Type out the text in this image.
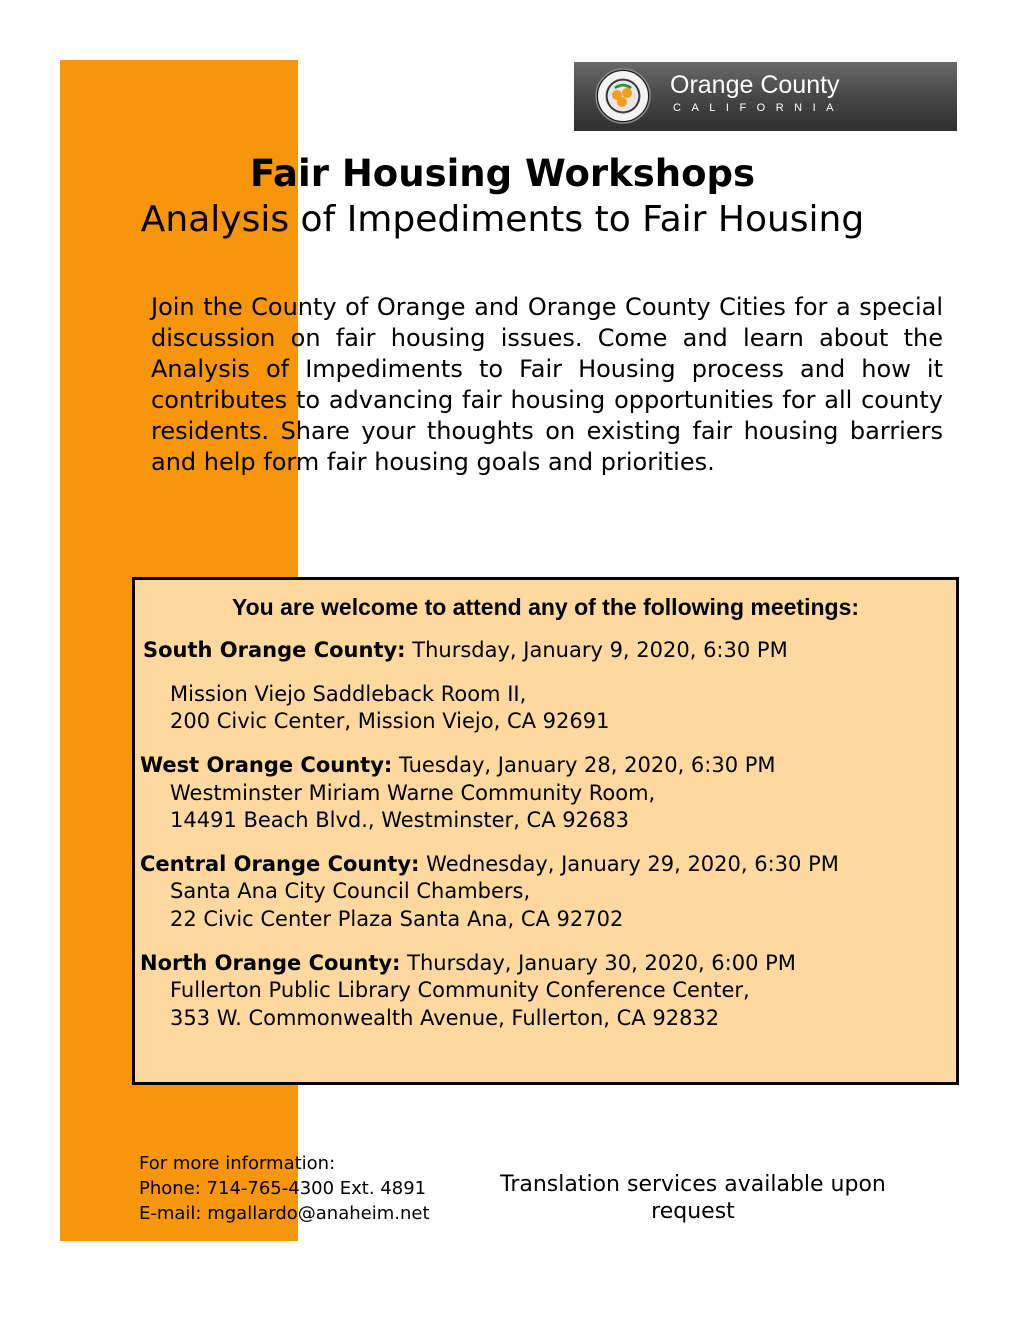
Orange County
CALIFORNIA
Fair Housing Workshops
Analysis of Impediments to Fair Housing

Join the County of Orange and Orange County Cities for a special discussion on fair housing issues. Come and learn about the Analysis of Impediments to Fair Housing process and how it contributes to advancing fair housing opportunities for all county residents. Share your thoughts on existing fair housing barriers and help form fair housing goals and priorities.

You are welcome to attend any of the following meetings:
South Orange County: Thursday, January 9, 2020, 6:30 PM
Mission Viejo Saddleback Room II,
200 Civic Center, Mission Viejo, CA 92691
West Orange County: Tuesday, January 28, 2020, 6:30 PM
Westminster Miriam Warne Community Room,
14491 Beach Blvd., Westminster, CA 92683
Central Orange County: Wednesday, January 29, 2020, 6:30 PM
Santa Ana City Council Chambers,
22 Civic Center Plaza Santa Ana, CA 92702
North Orange County: Thursday, January 30, 2020, 6:00 PM
Fullerton Public Library Community Conference Center,
353 W. Commonwealth Avenue, Fullerton, CA 92832
For more information:
Phone: 714-765-4300 Ext. 4891
E-mail: mgallardo@anaheim.net
Translation services available upon request
